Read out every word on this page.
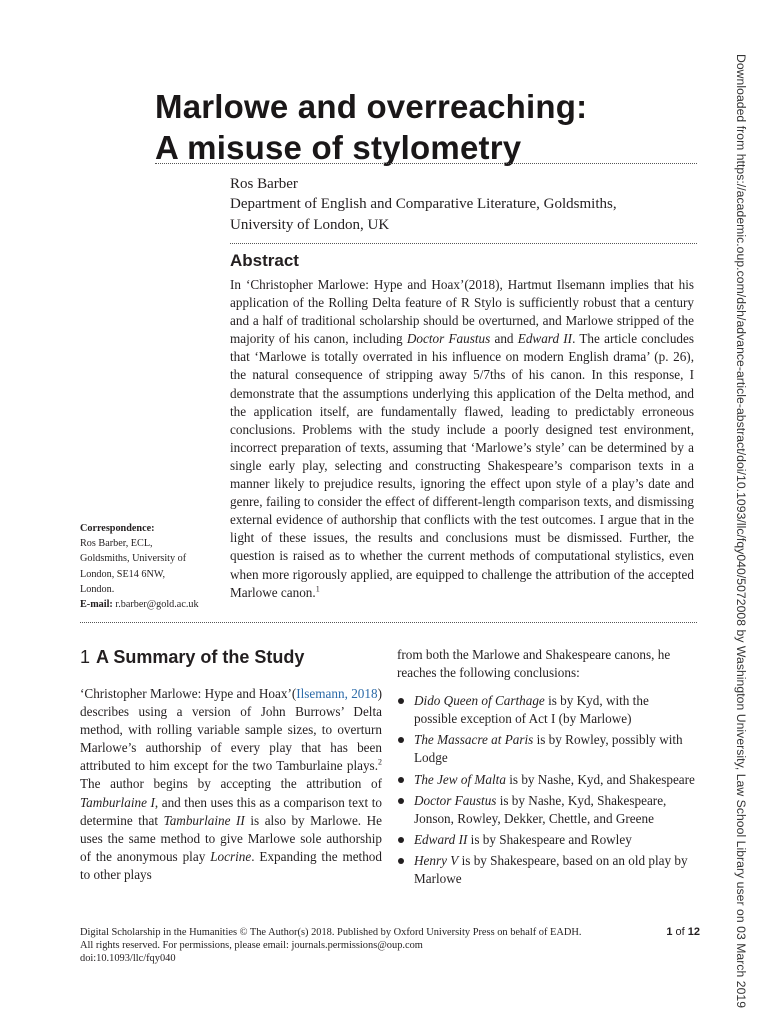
Marlowe and overreaching:
A misuse of stylometry
Ros Barber
Department of English and Comparative Literature, Goldsmiths,
University of London, UK
Abstract
In ‘Christopher Marlowe: Hype and Hoax’(2018), Hartmut Ilsemann implies that his application of the Rolling Delta feature of R Stylo is sufficiently robust that a century and a half of traditional scholarship should be overturned, and Marlowe stripped of the majority of his canon, including Doctor Faustus and Edward II. The article concludes that ‘Marlowe is totally overrated in his influence on modern English drama’ (p. 26), the natural consequence of stripping away 5/7ths of his canon. In this response, I demonstrate that the assumptions underlying this application of the Delta method, and the application itself, are fundamentally flawed, leading to predictably erroneous conclusions. Problems with the study include a poorly designed test environment, incorrect preparation of texts, assuming that ‘Marlowe’s style’ can be determined by a single early play, selecting and constructing Shakespeare’s comparison texts in a manner likely to prejudice results, ignoring the effect upon style of a play’s date and genre, failing to consider the effect of different-length comparison texts, and dismissing external evidence of authorship that conflicts with the test outcomes. I argue that in the light of these issues, the results and conclusions must be dismissed. Further, the question is raised as to whether the current methods of computational stylistics, even when more rigorously applied, are equipped to challenge the attribution of the accepted Marlowe canon.$^1$
Correspondence:
Ros Barber, ECL,
Goldsmiths, University of
London, SE14 6NW,
London.
E-mail: r.barber@gold.ac.uk
1 A Summary of the Study

‘Christopher Marlowe: Hype and Hoax’(Ilsemann, 2018) describes using a version of John Burrows’ Delta method, with rolling variable sample sizes, to overturn Marlowe’s authorship of every play that has been attributed to him except for the two Tamburlaine plays.$^2$ The author begins by accepting the attribution of Tamburlaine I, and then uses this as a comparison text to determine that Tamburlaine II is also by Marlowe. He uses the same method to give Marlowe sole authorship of the anonymous play Locrine. Expanding the method to other plays

from both the Marlowe and Shakespeare canons, he reaches the following conclusions:

Dido Queen of Carthage is by Kyd, with the possible exception of Act I (by Marlowe)
The Massacre at Paris is by Rowley, possibly with Lodge
The Jew of Malta is by Nashe, Kyd, and Shakespeare
Doctor Faustus is by Nashe, Kyd, Shakespeare, Jonson, Rowley, Dekker, Chettle, and Greene
Edward II is by Shakespeare and Rowley
Henry V is by Shakespeare, based on an old play by Marlowe
Digital Scholarship in the Humanities © The Author(s) 2018. Published by Oxford University Press on behalf of EADH.	1 of 12
All rights reserved. For permissions, please email: journals.permissions@oup.com
doi:10.1093/llc/fqy040	Downloaded from https://academic.oup.com/dsh/advance-article-abstract/doi/10.1093/llc/fqy040/5072008 by Washington University, Law School Library user on 03 March 2019
